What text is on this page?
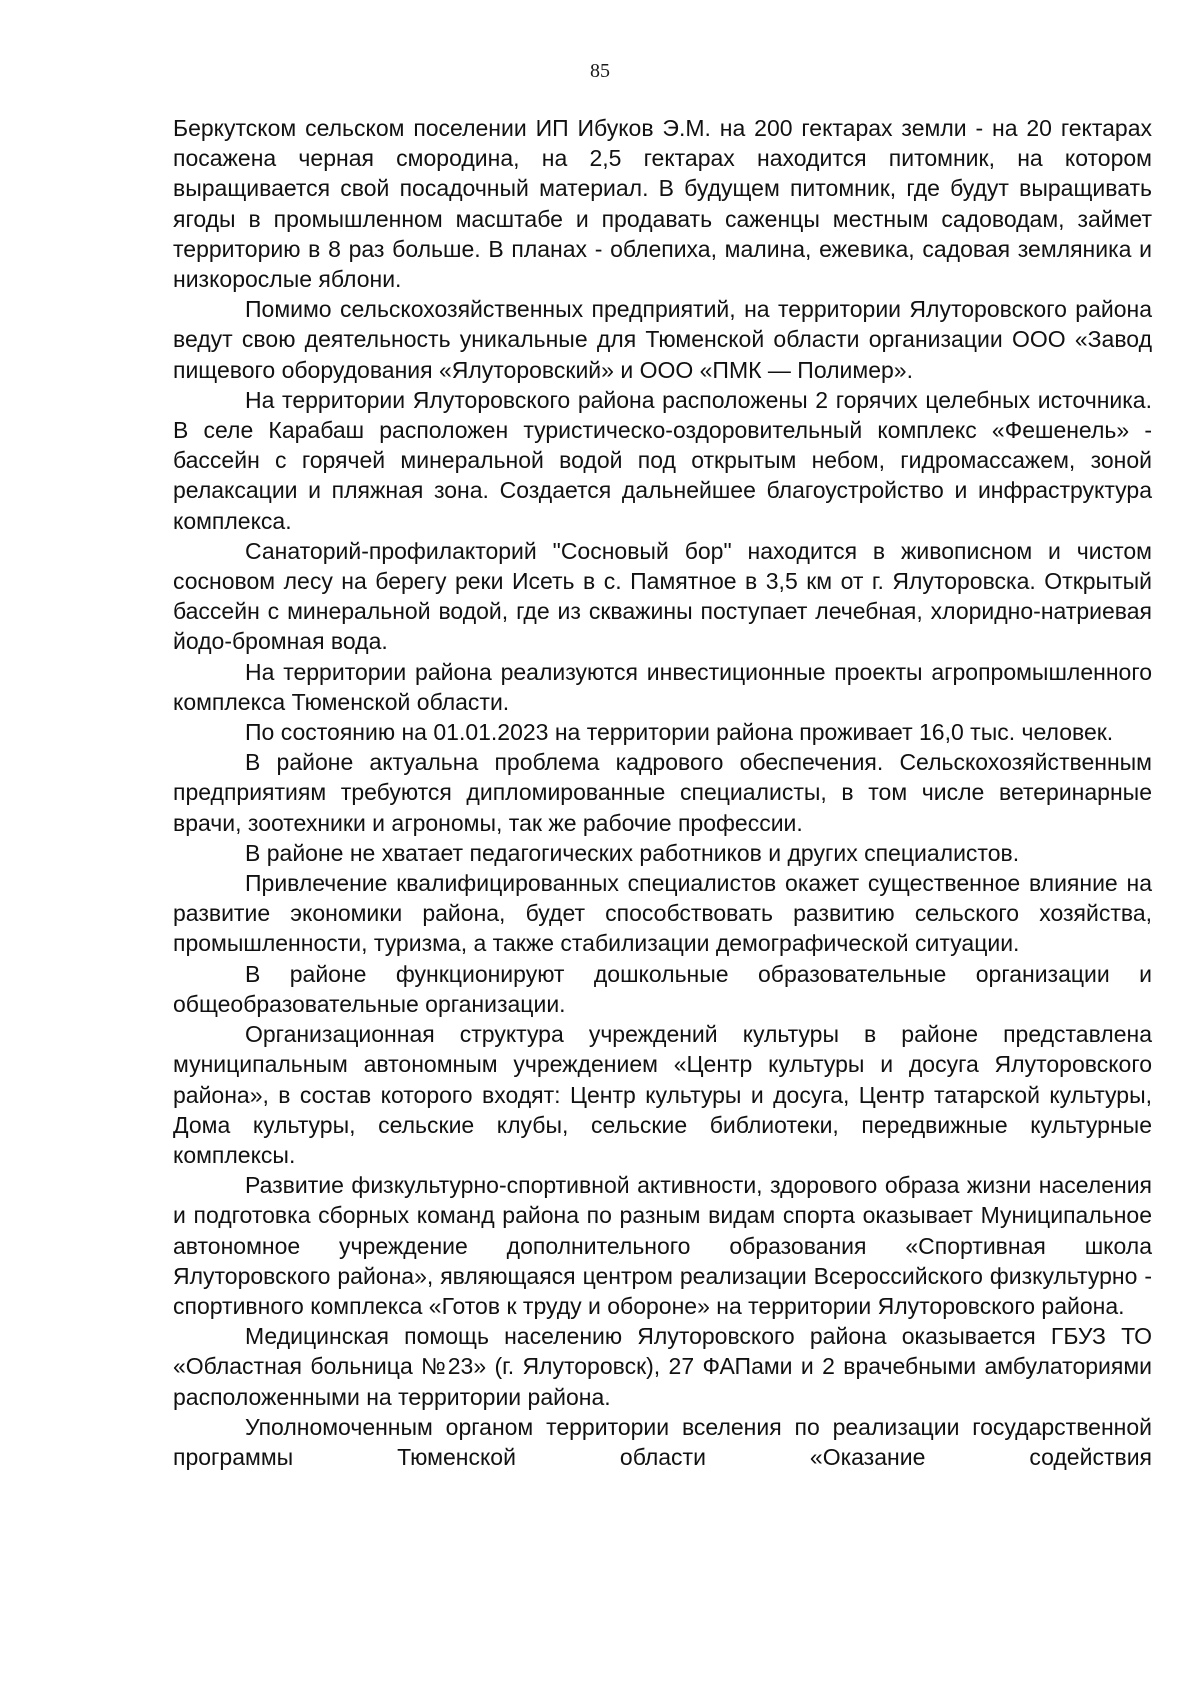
85

Беркутском сельском поселении ИП Ибуков Э.М. на 200 гектарах земли - на 20 гектарах посажена черная смородина, на 2,5 гектарах находится питомник, на котором выращивается свой посадочный материал. В будущем питомник, где будут выращивать ягоды в промышленном масштабе и продавать саженцы местным садоводам, займет территорию в 8 раз больше. В планах - облепиха, малина, ежевика, садовая земляника и низкорослые яблони.

Помимо сельскохозяйственных предприятий, на территории Ялуторовского района ведут свою деятельность уникальные для Тюменской области организации ООО «Завод пищевого оборудования «Ялуторовский» и ООО «ПМК — Полимер».

На территории Ялуторовского района расположены 2 горячих целебных источника. В селе Карабаш расположен туристическо-оздоровительный комплекс «Фешенель» - бассейн с горячей минеральной водой под открытым небом, гидромассажем, зоной релаксации и пляжная зона. Создается дальнейшее благоустройство и инфраструктура комплекса.

Санаторий-профилакторий "Сосновый бор" находится в живописном и чистом сосновом лесу на берегу реки Исеть в с. Памятное в 3,5 км от г. Ялуторовска. Открытый бассейн с минеральной водой, где из скважины поступает лечебная, хлоридно-натриевая йодо-бромная вода.

На территории района реализуются инвестиционные проекты агропромышленного комплекса Тюменской области.

По состоянию на 01.01.2023 на территории района проживает 16,0 тыс. человек.

В районе актуальна проблема кадрового обеспечения. Сельскохозяйственным предприятиям требуются дипломированные специалисты, в том числе ветеринарные врачи, зоотехники и агрономы, так же рабочие профессии.

В районе не хватает педагогических работников и других специалистов.

Привлечение квалифицированных специалистов окажет существенное влияние на развитие экономики района, будет способствовать развитию сельского хозяйства, промышленности, туризма, а также стабилизации демографической ситуации.

В районе функционируют дошкольные образовательные организации и общеобразовательные организации.

Организационная структура учреждений культуры в районе представлена муниципальным автономным учреждением «Центр культуры и досуга Ялуторовского района», в состав которого входят: Центр культуры и досуга, Центр татарской культуры, Дома культуры, сельские клубы, сельские библиотеки, передвижные культурные комплексы.

Развитие физкультурно-спортивной активности, здорового образа жизни населения и подготовка сборных команд района по разным видам спорта оказывает Муниципальное автономное учреждение дополнительного образования «Спортивная школа Ялуторовского района», являющаяся центром реализации Всероссийского физкультурно - спортивного комплекса «Готов к труду и обороне» на территории Ялуторовского района.

Медицинская помощь населению Ялуторовского района оказывается ГБУЗ ТО «Областная больница №23» (г. Ялуторовск), 27 ФАПами и 2 врачебными амбулаториями расположенными на территории района.

Уполномоченным органом территории вселения по реализации государственной программы Тюменской области «Оказание содействия
